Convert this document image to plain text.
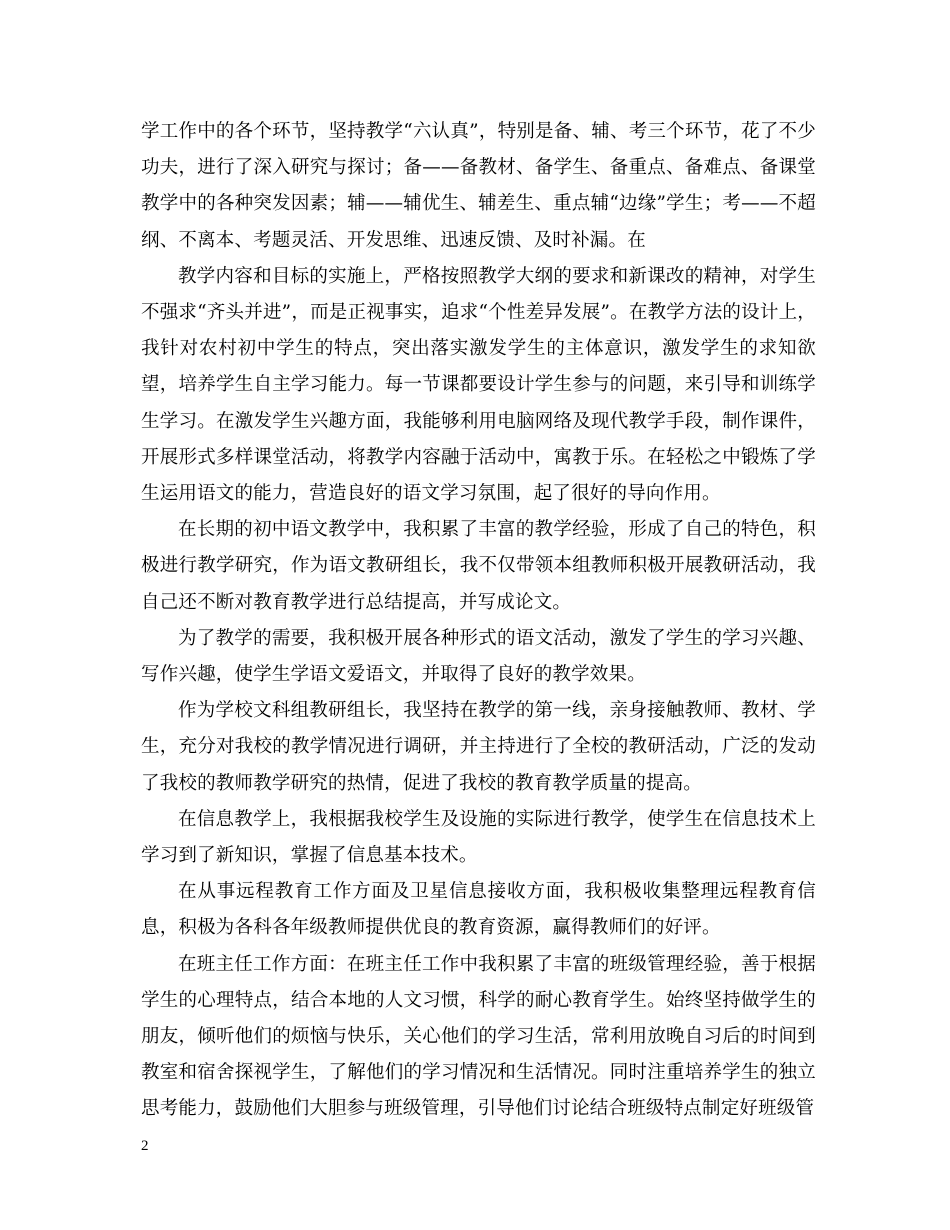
学工作中的各个环节，坚持教学“六认真”，特别是备、辅、考三个环节，花了不少功夫，进行了深入研究与探讨；备——备教材、备学生、备重点、备难点、备课堂教学中的各种突发因素；辅——辅优生、辅差生、重点辅“边缘”学生；考——不超纲、不离本、考题灵活、开发思维、迅速反馈、及时补漏。在

教学内容和目标的实施上，严格按照教学大纲的要求和新课改的精神，对学生不强求“齐头并进”，而是正视事实，追求“个性差异发展”。在教学方法的设计上，我针对农村初中学生的特点，突出落实激发学生的主体意识，激发学生的求知欲望，培养学生自主学习能力。每一节课都要设计学生参与的问题，来引导和训练学生学习。在激发学生兴趣方面，我能够利用电脑网络及现代教学手段，制作课件，开展形式多样课堂活动，将教学内容融于活动中，寓教于乐。在轻松之中锻炼了学生运用语文的能力，营造良好的语文学习氛围，起了很好的导向作用。

在长期的初中语文教学中，我积累了丰富的教学经验，形成了自己的特色，积极进行教学研究，作为语文教研组长，我不仅带领本组教师积极开展教研活动，我自己还不断对教育教学进行总结提高，并写成论文。

为了教学的需要，我积极开展各种形式的语文活动，激发了学生的学习兴趣、写作兴趣，使学生学语文爱语文，并取得了良好的教学效果。

作为学校文科组教研组长，我坚持在教学的第一线，亲身接触教师、教材、学生，充分对我校的教学情况进行调研，并主持进行了全校的教研活动，广泛的发动了我校的教师教学研究的热情，促进了我校的教育教学质量的提高。

在信息教学上，我根据我校学生及设施的实际进行教学，使学生在信息技术上学习到了新知识，掌握了信息基本技术。

在从事远程教育工作方面及卫星信息接收方面，我积极收集整理远程教育信息，积极为各科各年级教师提供优良的教育资源，赢得教师们的好评。

在班主任工作方面：在班主任工作中我积累了丰富的班级管理经验，善于根据学生的心理特点，结合本地的人文习惯，科学的耐心教育学生。始终坚持做学生的朋友，倾听他们的烦恼与快乐，关心他们的学习生活，常利用放晚自习后的时间到教室和宿舍探视学生，了解他们的学习情况和生活情况。同时注重培养学生的独立思考能力，鼓励他们大胆参与班级管理，引导他们讨论结合班级特点制定好班级管

2
